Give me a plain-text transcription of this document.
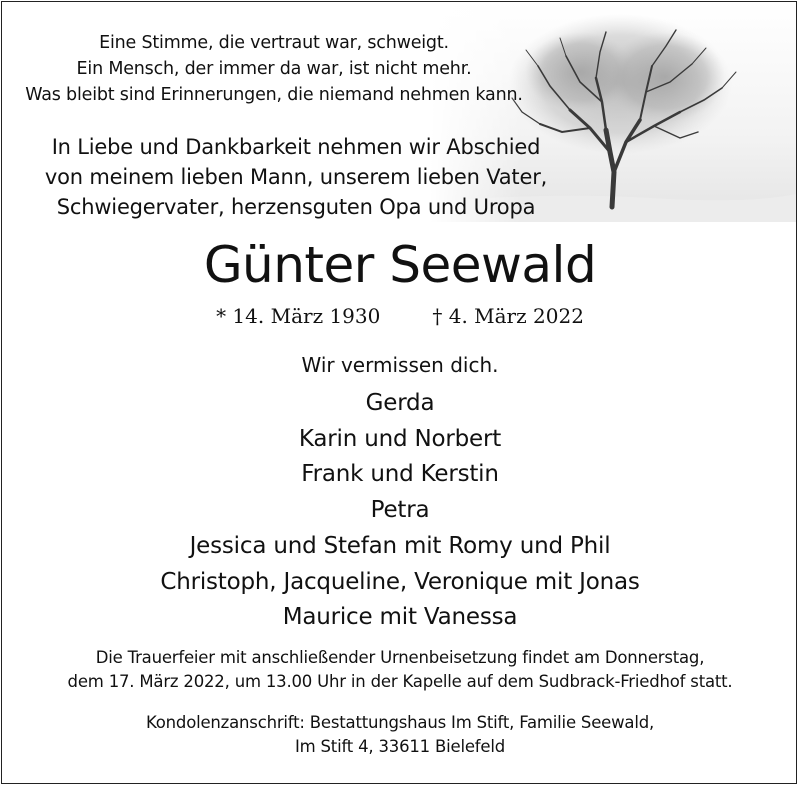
Eine Stimme, die vertraut war, schweigt.
Ein Mensch, der immer da war, ist nicht mehr.
Was bleibt sind Erinnerungen, die niemand nehmen kann.
In Liebe und Dankbarkeit nehmen wir Abschied
von meinem lieben Mann, unserem lieben Vater,
Schwiegervater, herzensguten Opa und Uropa
Günter Seewald
* 14. März 1930	† 4. März 2022
Wir vermissen dich.
Gerda
Karin und Norbert
Frank und Kerstin
Petra
Jessica und Stefan mit Romy und Phil
Christoph, Jacqueline, Veronique mit Jonas
Maurice mit Vanessa
Die Trauerfeier mit anschließender Urnenbeisetzung findet am Donnerstag,
dem 17. März 2022, um 13.00 Uhr in der Kapelle auf dem Sudbrack-Friedhof statt.
Kondolenzanschrift: Bestattungshaus Im Stift, Familie Seewald,
Im Stift 4, 33611 Bielefeld
